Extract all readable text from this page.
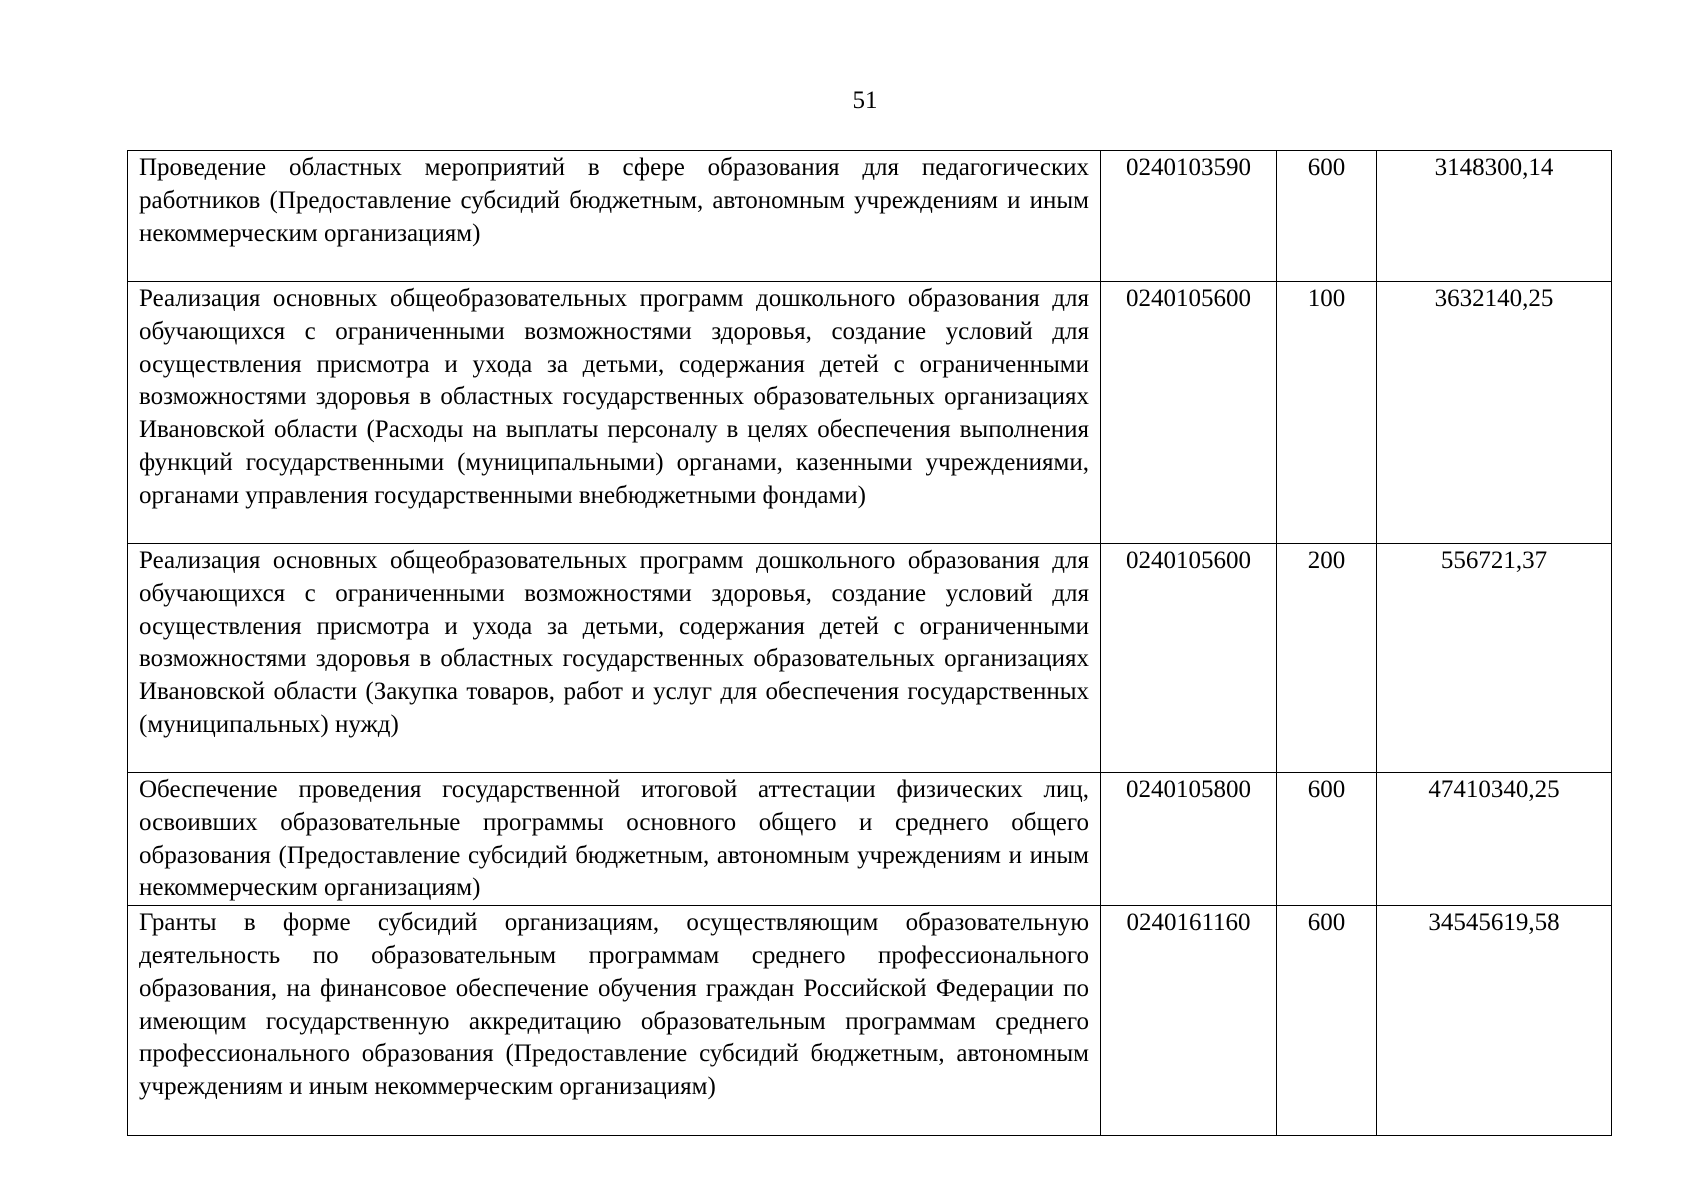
51
Проведение областных мероприятий в сфере образования для педагогических работников (Предоставление субсидий бюджетным, автономным учреждениям и иным некоммерческим организациям)	0240103590	600	3148300,14
Реализация основных общеобразовательных программ дошкольного образования для обучающихся с ограниченными возможностями здоровья, создание условий для осуществления присмотра и ухода за детьми, содержания детей с ограниченными возможностями здоровья в областных государственных образовательных организациях Ивановской области (Расходы на выплаты персоналу в целях обеспечения выполнения функций государственными (муниципальными) органами, казенными учреждениями, органами управления государственными внебюджетными фондами)	0240105600	100	3632140,25
Реализация основных общеобразовательных программ дошкольного образования для обучающихся с ограниченными возможностями здоровья, создание условий для осуществления присмотра и ухода за детьми, содержания детей с ограниченными возможностями здоровья в областных государственных образовательных организациях Ивановской области (Закупка товаров, работ и услуг для обеспечения государственных (муниципальных) нужд)	0240105600	200	556721,37
Обеспечение проведения государственной итоговой аттестации физических лиц, освоивших образовательные программы основного общего и среднего общего образования (Предоставление субсидий бюджетным, автономным учреждениям и иным некоммерческим организациям)	0240105800	600	47410340,25
Гранты в форме субсидий организациям, осуществляющим образовательную деятельность по образовательным программам среднего профессионального образования, на финансовое обеспечение обучения граждан Российской Федерации по имеющим государственную аккредитацию образовательным программам среднего профессионального образования (Предоставление субсидий бюджетным, автономным учреждениям и иным некоммерческим организациям)	0240161160	600	34545619,58
